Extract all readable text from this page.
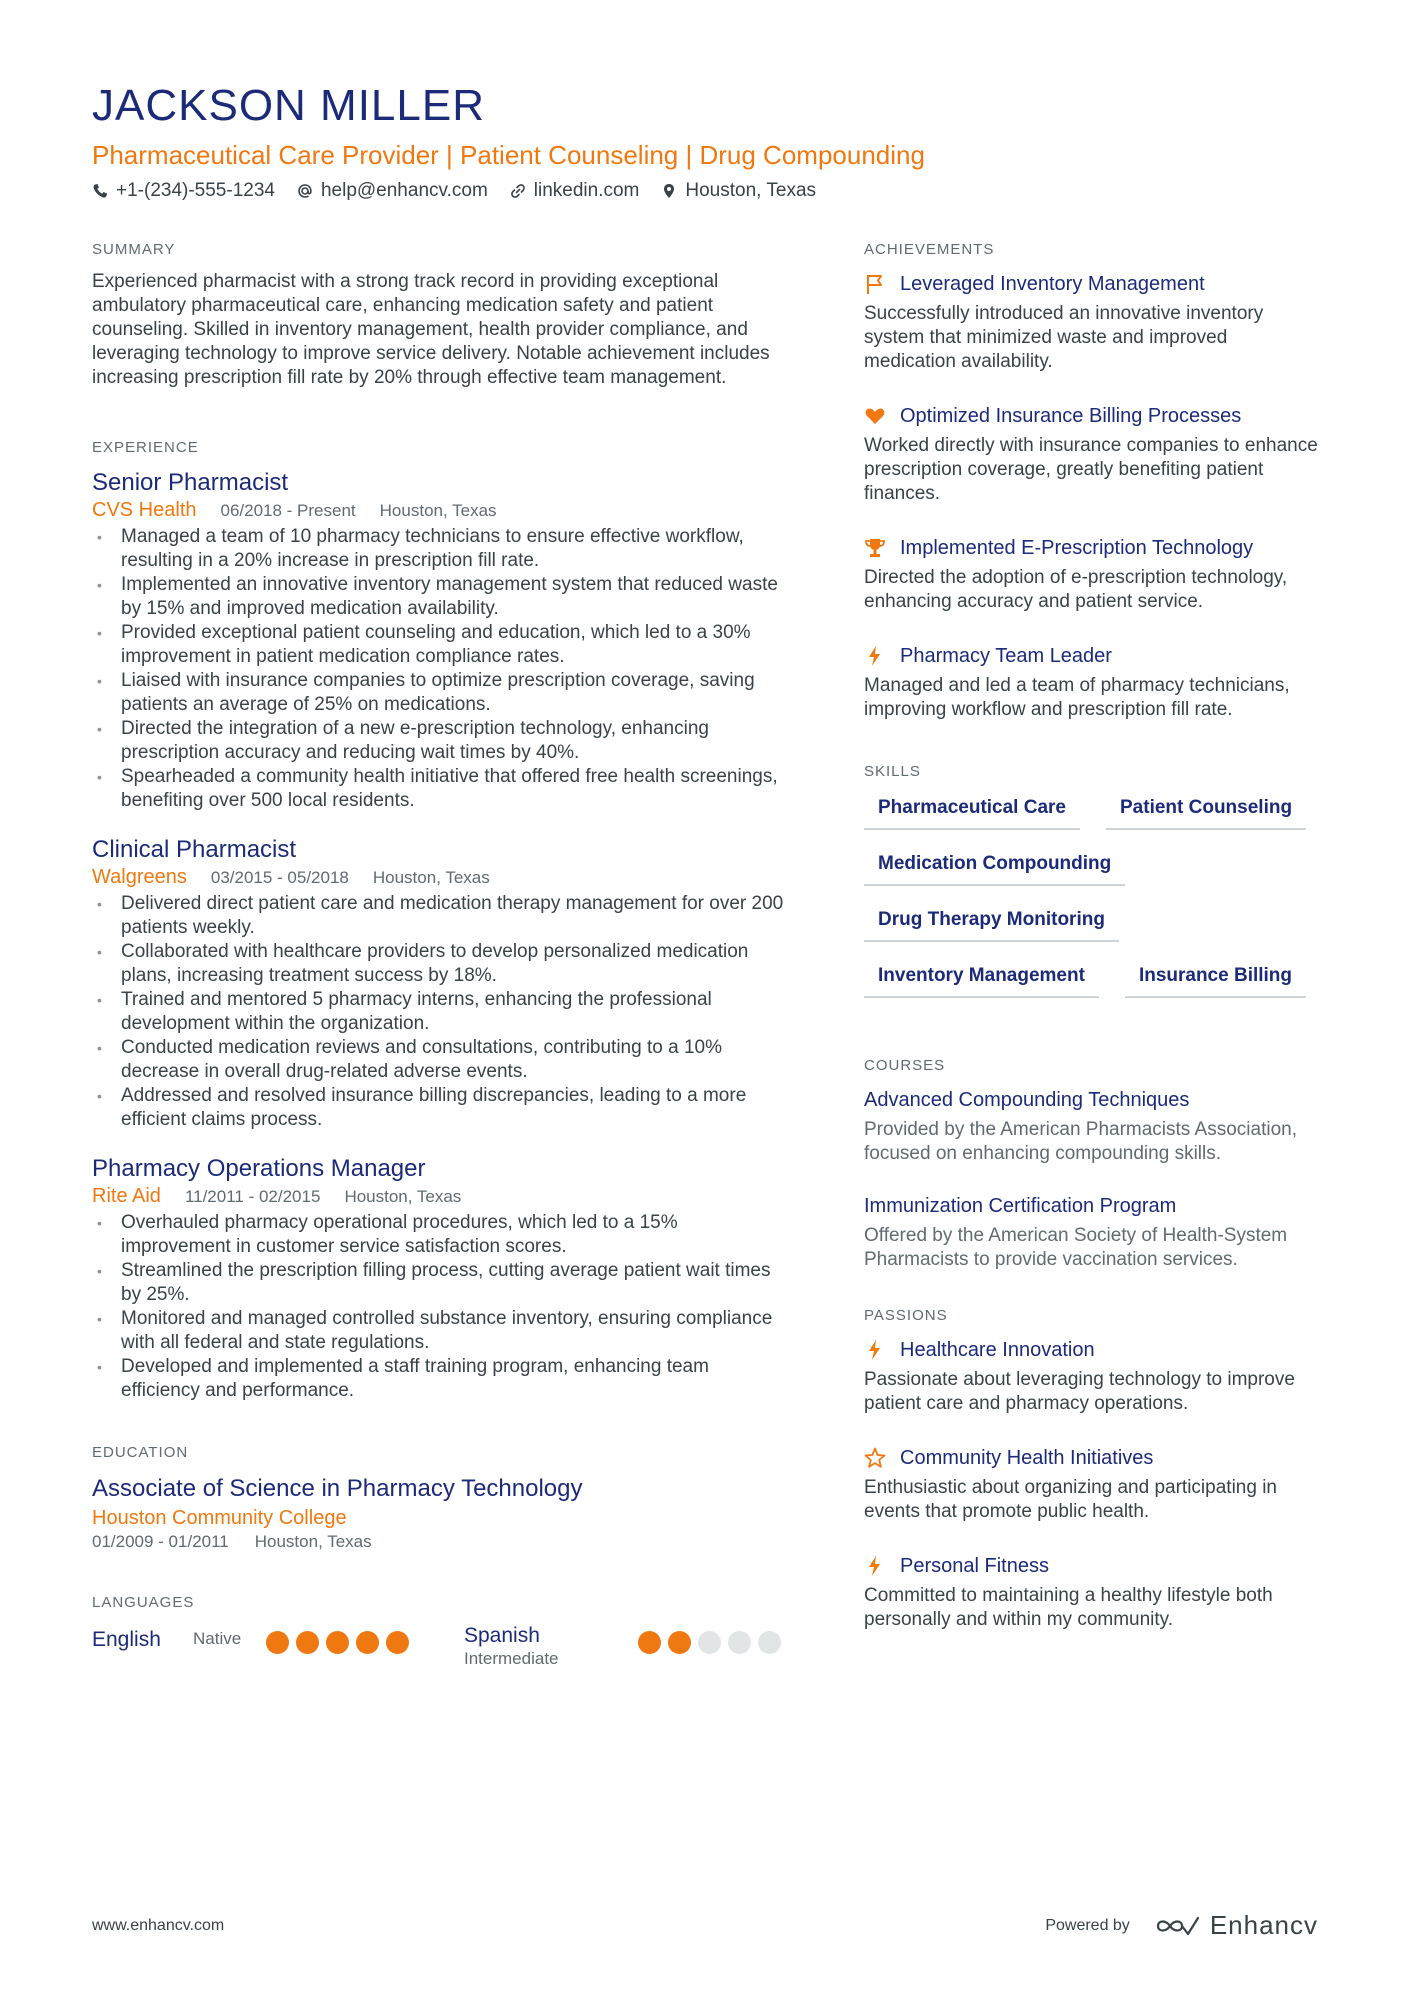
JACKSON MILLER
Pharmaceutical Care Provider | Patient Counseling | Drug Compounding
+1-(234)-555-1234 help@enhancv.com linkedin.com Houston, Texas
SUMMARY
Experienced pharmacist with a strong track record in providing exceptional ambulatory pharmaceutical care, enhancing medication safety and patient counseling. Skilled in inventory management, health provider compliance, and leveraging technology to improve service delivery. Notable achievement includes increasing prescription fill rate by 20% through effective team management.
EXPERIENCE
Senior Pharmacist
CVS Health 06/2018 - Present Houston, Texas
• Managed a team of 10 pharmacy technicians to ensure effective workflow, resulting in a 20% increase in prescription fill rate.
• Implemented an innovative inventory management system that reduced waste by 15% and improved medication availability.
• Provided exceptional patient counseling and education, which led to a 30% improvement in patient medication compliance rates.
• Liaised with insurance companies to optimize prescription coverage, saving patients an average of 25% on medications.
• Directed the integration of a new e-prescription technology, enhancing prescription accuracy and reducing wait times by 40%.
• Spearheaded a community health initiative that offered free health screenings, benefiting over 500 local residents.
Clinical Pharmacist
Walgreens 03/2015 - 05/2018 Houston, Texas
• Delivered direct patient care and medication therapy management for over 200 patients weekly.
• Collaborated with healthcare providers to develop personalized medication plans, increasing treatment success by 18%.
• Trained and mentored 5 pharmacy interns, enhancing the professional development within the organization.
• Conducted medication reviews and consultations, contributing to a 10% decrease in overall drug-related adverse events.
• Addressed and resolved insurance billing discrepancies, leading to a more efficient claims process.
Pharmacy Operations Manager
Rite Aid 11/2011 - 02/2015 Houston, Texas
• Overhauled pharmacy operational procedures, which led to a 15% improvement in customer service satisfaction scores.
• Streamlined the prescription filling process, cutting average patient wait times by 25%.
• Monitored and managed controlled substance inventory, ensuring compliance with all federal and state regulations.
• Developed and implemented a staff training program, enhancing team efficiency and performance.
EDUCATION
Associate of Science in Pharmacy Technology
Houston Community College
01/2009 - 01/2011 Houston, Texas
LANGUAGES
English Native	Spanish
Intermediate
ACHIEVEMENTS
Leveraged Inventory Management
Successfully introduced an innovative inventory system that minimized waste and improved medication availability.
Optimized Insurance Billing Processes
Worked directly with insurance companies to enhance prescription coverage, greatly benefiting patient finances.
Implemented E-Prescription Technology
Directed the adoption of e-prescription technology, enhancing accuracy and patient service.
Pharmacy Team Leader
Managed and led a team of pharmacy technicians, improving workflow and prescription fill rate.
SKILLS
Pharmaceutical Care	Patient Counseling
Medication Compounding
Drug Therapy Monitoring
Inventory Management	Insurance Billing
COURSES
Advanced Compounding Techniques
Provided by the American Pharmacists Association, focused on enhancing compounding skills.
Immunization Certification Program
Offered by the American Society of Health-System Pharmacists to provide vaccination services.
PASSIONS
Healthcare Innovation
Passionate about leveraging technology to improve patient care and pharmacy operations.
Community Health Initiatives
Enthusiastic about organizing and participating in events that promote public health.
Personal Fitness
Committed to maintaining a healthy lifestyle both personally and within my community.
www.enhancv.com	Powered by	Enhancv
